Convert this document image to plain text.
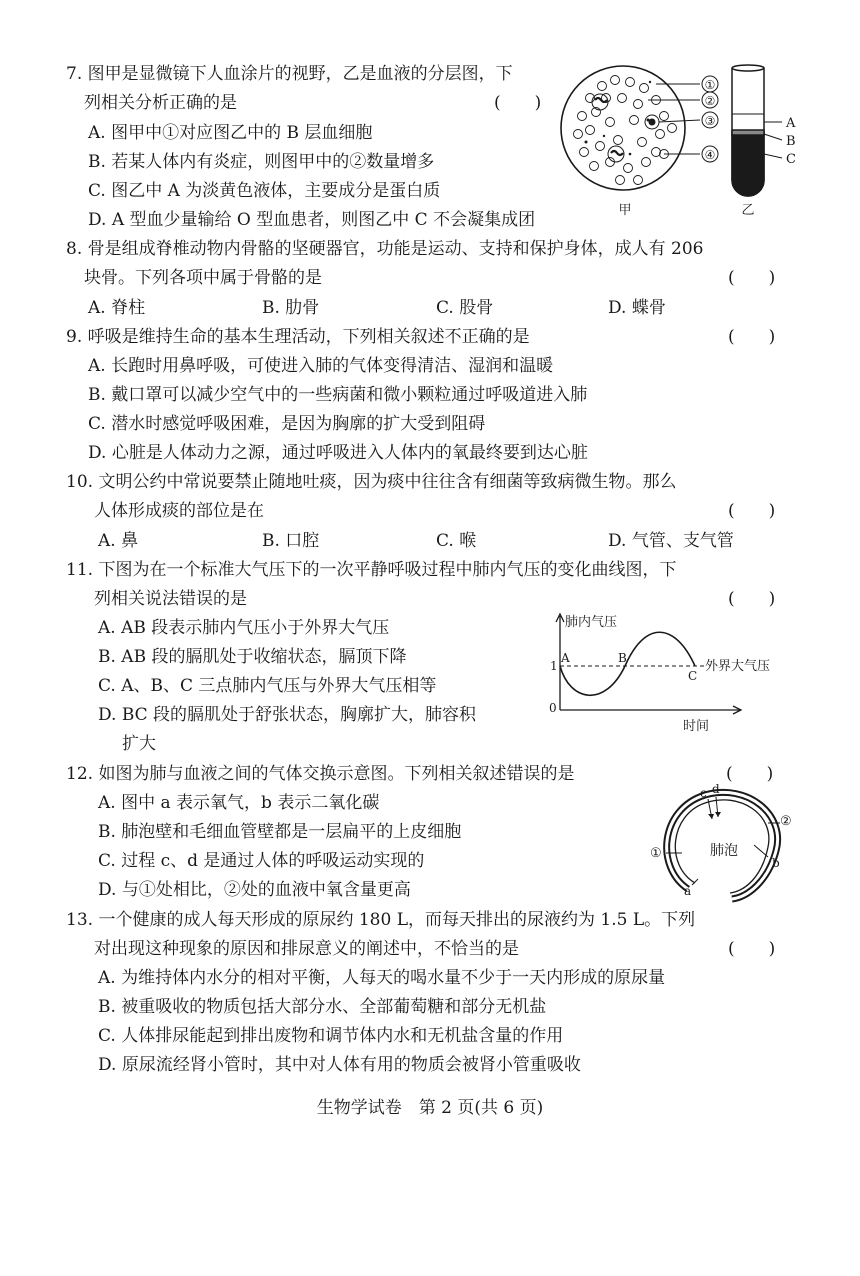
7. 图甲是显微镜下人血涂片的视野，乙是血液的分层图，下
列相关分析正确的是	(　　)
A. 图甲中①对应图乙中的 B 层血细胞
B. 若某人体内有炎症，则图甲中的②数量增多
C. 图乙中 A 为淡黄色液体，主要成分是蛋白质
D. A 型血少量输给 O 型血患者，则图乙中 C 不会凝集成团
①
②
③
④
A
B
C
甲	乙
8. 骨是组成脊椎动物内骨骼的坚硬器官，功能是运动、支持和保护身体，成人有 206
块骨。下列各项中属于骨骼的是	(　　)
A. 脊柱	B. 肋骨	C. 股骨	D. 蝶骨
9. 呼吸是维持生命的基本生理活动，下列相关叙述不正确的是	(　　)
A. 长跑时用鼻呼吸，可使进入肺的气体变得清洁、湿润和温暖
B. 戴口罩可以减少空气中的一些病菌和微小颗粒通过呼吸道进入肺
C. 潜水时感觉呼吸困难，是因为胸廓的扩大受到阻碍
D. 心脏是人体动力之源，通过呼吸进入人体内的氧最终要到达心脏
10. 文明公约中常说要禁止随地吐痰，因为痰中往往含有细菌等致病微生物。那么
人体形成痰的部位是在	(　　)
A. 鼻	B. 口腔	C. 喉	D. 气管、支气管
11. 下图为在一个标准大气压下的一次平静呼吸过程中肺内气压的变化曲线图，下
列相关说法错误的是	(　　)
A. AB 段表示肺内气压小于外界大气压
B. AB 段的膈肌处于收缩状态，膈顶下降
C. A、B、C 三点肺内气压与外界大气压相等
D. BC 段的膈肌处于舒张状态，胸廓扩大，肺容积
扩大
肺内气压
时间
1
0
A	B
C
外界大气压
12. 如图为肺与血液之间的气体交换示意图。下列相关叙述错误的是	(　　)
A. 图中 a 表示氧气，b 表示二氧化碳
B. 肺泡壁和毛细血管壁都是一层扁平的上皮细胞
C. 过程 c、d 是通过人体的呼吸运动实现的
D. 与①处相比，②处的血液中氧含量更高
肺泡
c d
①
②
a
b
13. 一个健康的成人每天形成的原尿约 180 L，而每天排出的尿液约为 1.5 L。下列
对出现这种现象的原因和排尿意义的阐述中，不恰当的是	(　　)
A. 为维持体内水分的相对平衡，人每天的喝水量不少于一天内形成的原尿量
B. 被重吸收的物质包括大部分水、全部葡萄糖和部分无机盐
C. 人体排尿能起到排出废物和调节体内水和无机盐含量的作用
D. 原尿流经肾小管时，其中对人体有用的物质会被肾小管重吸收
生物学试卷　第 2 页(共 6 页)
